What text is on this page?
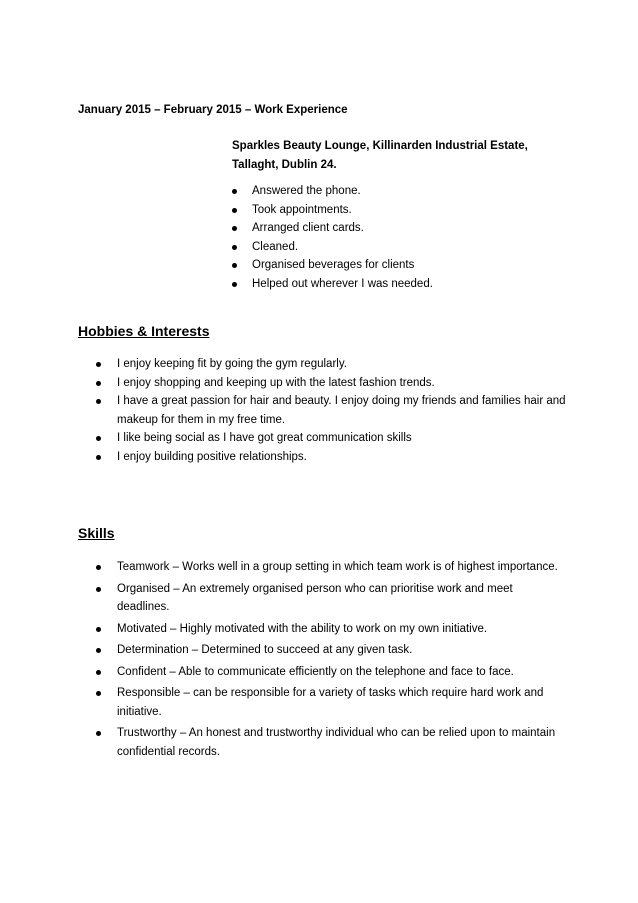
January 2015 – February 2015 – Work Experience
Sparkles Beauty Lounge, Killinarden Industrial Estate,
Tallaght, Dublin 24.
Answered the phone.
Took appointments.
Arranged client cards.
Cleaned.
Organised beverages for clients
Helped out wherever I was needed.
Hobbies & Interests
I enjoy keeping fit by going the gym regularly.
I enjoy shopping and keeping up with the latest fashion trends.
I have a great passion for hair and beauty. I enjoy doing my friends and families hair and makeup for them in my free time.
I like being social as I have got great communication skills
I enjoy building positive relationships.
Skills
Teamwork – Works well in a group setting in which team work is of highest importance.
Organised – An extremely organised person who can prioritise work and meet deadlines.
Motivated – Highly motivated with the ability to work on my own initiative.
Determination – Determined to succeed at any given task.
Confident – Able to communicate efficiently on the telephone and face to face.
Responsible – can be responsible for a variety of tasks which require hard work and initiative.
Trustworthy – An honest and trustworthy individual who can be relied upon to maintain confidential records.
